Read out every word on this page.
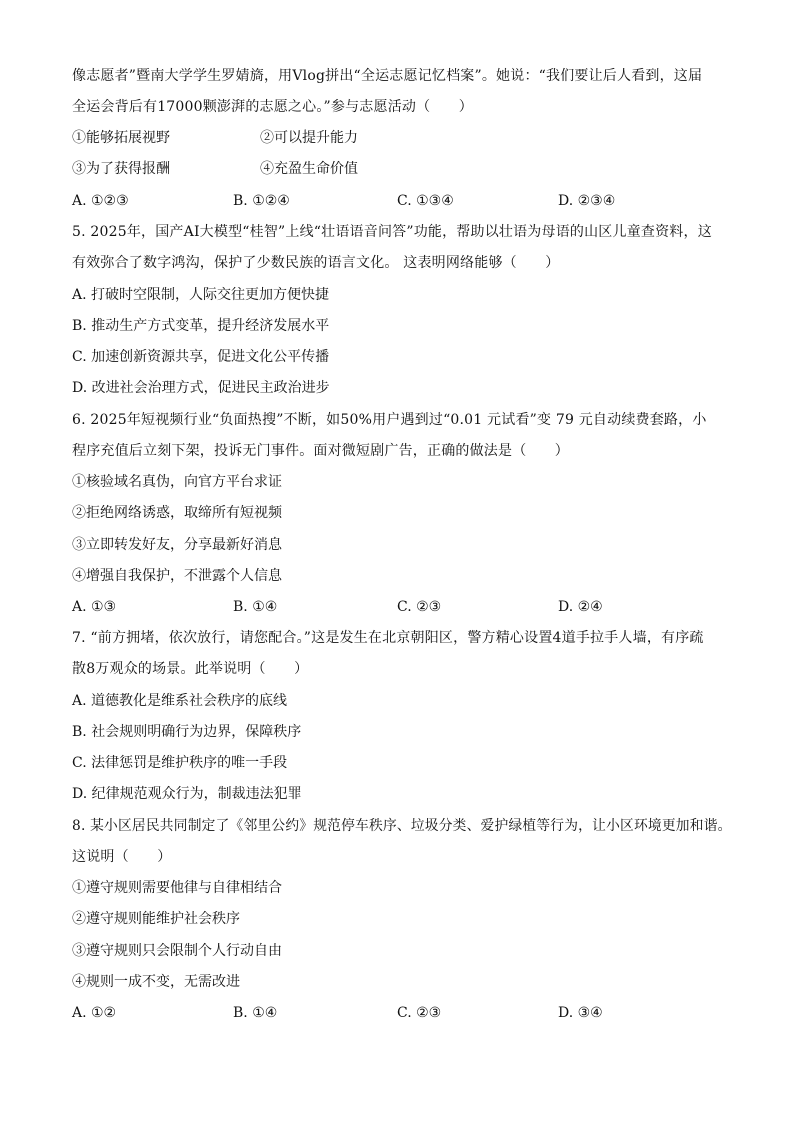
像志愿者”暨南大学学生罗婧旖，用Vlog拼出“全运志愿记忆档案”。她说：“我们要让后人看到，这届
全运会背后有17000颗澎湃的志愿之心。”参与志愿活动（　　）
①能够拓展视野	②可以提升能力
③为了获得报酬	④充盈生命价值
A. ①②③	B. ①②④	C. ①③④	D. ②③④
5. 2025年，国产AI大模型“桂智”上线“壮语语音问答”功能，帮助以壮语为母语的山区儿童查资料，这
有效弥合了数字鸿沟，保护了少数民族的语言文化。 这表明网络能够（　　）
A. 打破时空限制，人际交往更加方便快捷
B. 推动生产方式变革，提升经济发展水平
C. 加速创新资源共享，促进文化公平传播
D. 改进社会治理方式，促进民主政治进步
6. 2025年短视频行业“负面热搜”不断，如50%用户遇到过“0.01 元试看”变 79 元自动续费套路，小
程序充值后立刻下架，投诉无门事件。面对微短剧广告，正确的做法是（　　）
①核验域名真伪，向官方平台求证
②拒绝网络诱惑，取缔所有短视频
③立即转发好友，分享最新好消息
④增强自我保护，不泄露个人信息
A. ①③	B. ①④	C. ②③	D. ②④
7. “前方拥堵，依次放行，请您配合。”这是发生在北京朝阳区，警方精心设置4道手拉手人墙，有序疏
散8万观众的场景。此举说明（　　）
A. 道德教化是维系社会秩序的底线
B. 社会规则明确行为边界，保障秩序
C. 法律惩罚是维护秩序的唯一手段
D. 纪律规范观众行为，制裁违法犯罪
8. 某小区居民共同制定了《邻里公约》规范停车秩序、垃圾分类、爱护绿植等行为，让小区环境更加和谐。
这说明（　　）
①遵守规则需要他律与自律相结合
②遵守规则能维护社会秩序
③遵守规则只会限制个人行动自由
④规则一成不变，无需改进
A. ①②	B. ①④	C. ②③	D. ③④
